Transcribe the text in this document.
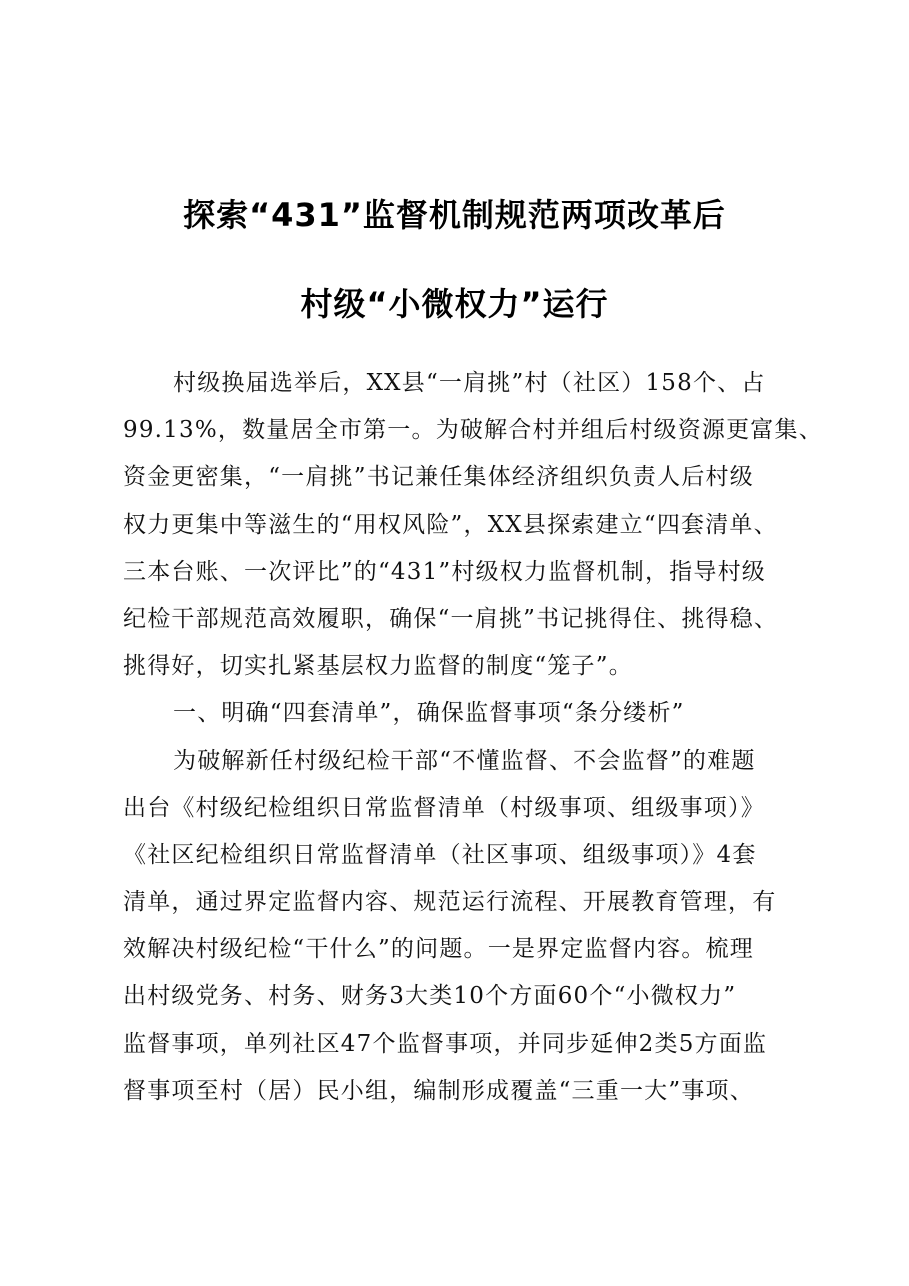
探索“431”监督机制规范两项改革后
村级“小微权力”运行
村级换届选举后，XX县“一肩挑”村（社区）158个、占
99.13%，数量居全市第一。为破解合村并组后村级资源更富集、
资金更密集，“一肩挑”书记兼任集体经济组织负责人后村级
权力更集中等滋生的“用权风险”，XX县探索建立“四套清单、
三本台账、一次评比”的“431”村级权力监督机制，指导村级
纪检干部规范高效履职，确保“一肩挑”书记挑得住、挑得稳、
挑得好，切实扎紧基层权力监督的制度“笼子”。
一、明确“四套清单”，确保监督事项“条分缕析”
为破解新任村级纪检干部“不懂监督、不会监督”的难题
出台《村级纪检组织日常监督清单（村级事项、组级事项）》
《社区纪检组织日常监督清单（社区事项、组级事项）》4套
清单，通过界定监督内容、规范运行流程、开展教育管理，有
效解决村级纪检“干什么”的问题。一是界定监督内容。梳理
出村级党务、村务、财务3大类10个方面60个“小微权力”
监督事项，单列社区47个监督事项，并同步延伸2类5方面监
督事项至村（居）民小组，编制形成覆盖“三重一大”事项、
